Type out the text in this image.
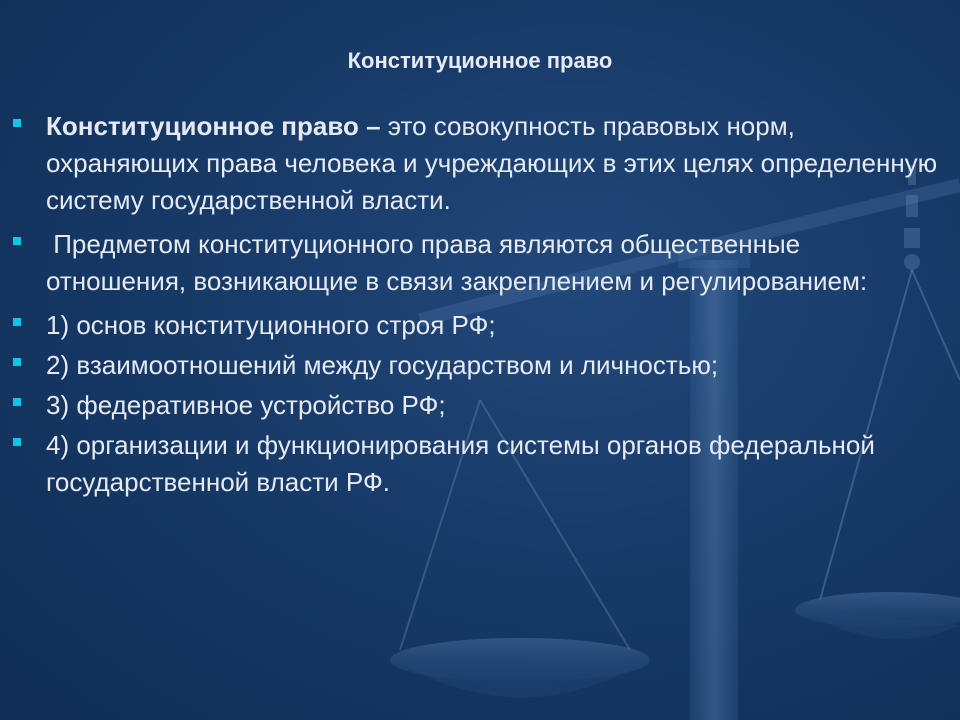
Конституционное право
Конституционное право – это совокупность правовых норм, охраняющих права человека и учреждающих в этих целях определенную систему государственной власти.
Предметом конституционного права являются общественные отношения, возникающие в связи закреплением и регулированием:
1) основ конституционного строя РФ;
2) взаимоотношений между государством и личностью;
3) федеративное устройство РФ;
4) организации и функционирования системы органов федеральной государственной власти РФ.
